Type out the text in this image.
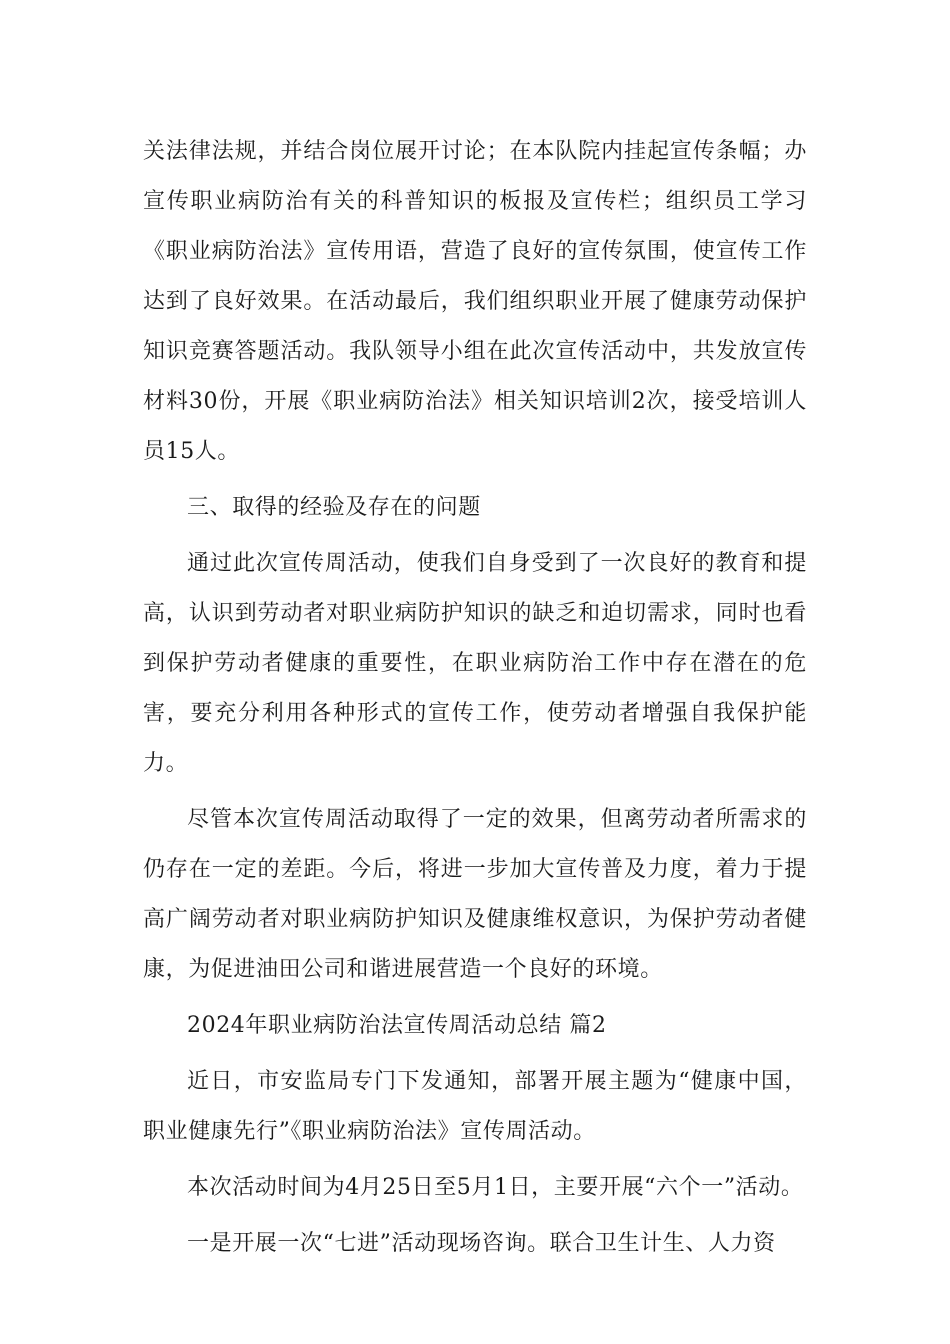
关法律法规，并结合岗位展开讨论；在本队院内挂起宣传条幅；办宣传职业病防治有关的科普知识的板报及宣传栏；组织员工学习《职业病防治法》宣传用语，营造了良好的宣传氛围，使宣传工作达到了良好效果。在活动最后，我们组织职业开展了健康劳动保护知识竞赛答题活动。我队领导小组在此次宣传活动中，共发放宣传材料30份，开展《职业病防治法》相关知识培训2次，接受培训人员15人。

三、取得的经验及存在的问题

通过此次宣传周活动，使我们自身受到了一次良好的教育和提高，认识到劳动者对职业病防护知识的缺乏和迫切需求，同时也看到保护劳动者健康的重要性，在职业病防治工作中存在潜在的危害，要充分利用各种形式的宣传工作，使劳动者增强自我保护能力。

尽管本次宣传周活动取得了一定的效果，但离劳动者所需求的仍存在一定的差距。今后，将进一步加大宣传普及力度，着力于提高广阔劳动者对职业病防护知识及健康维权意识，为保护劳动者健康，为促进油田公司和谐进展营造一个良好的环境。

2024年职业病防治法宣传周活动总结 篇2

近日，市安监局专门下发通知，部署开展主题为“健康中国，职业健康先行”《职业病防治法》宣传周活动。

本次活动时间为4月25日至5月1日，主要开展“六个一”活动。

一是开展一次“七进”活动现场咨询。联合卫生计生、人力资
